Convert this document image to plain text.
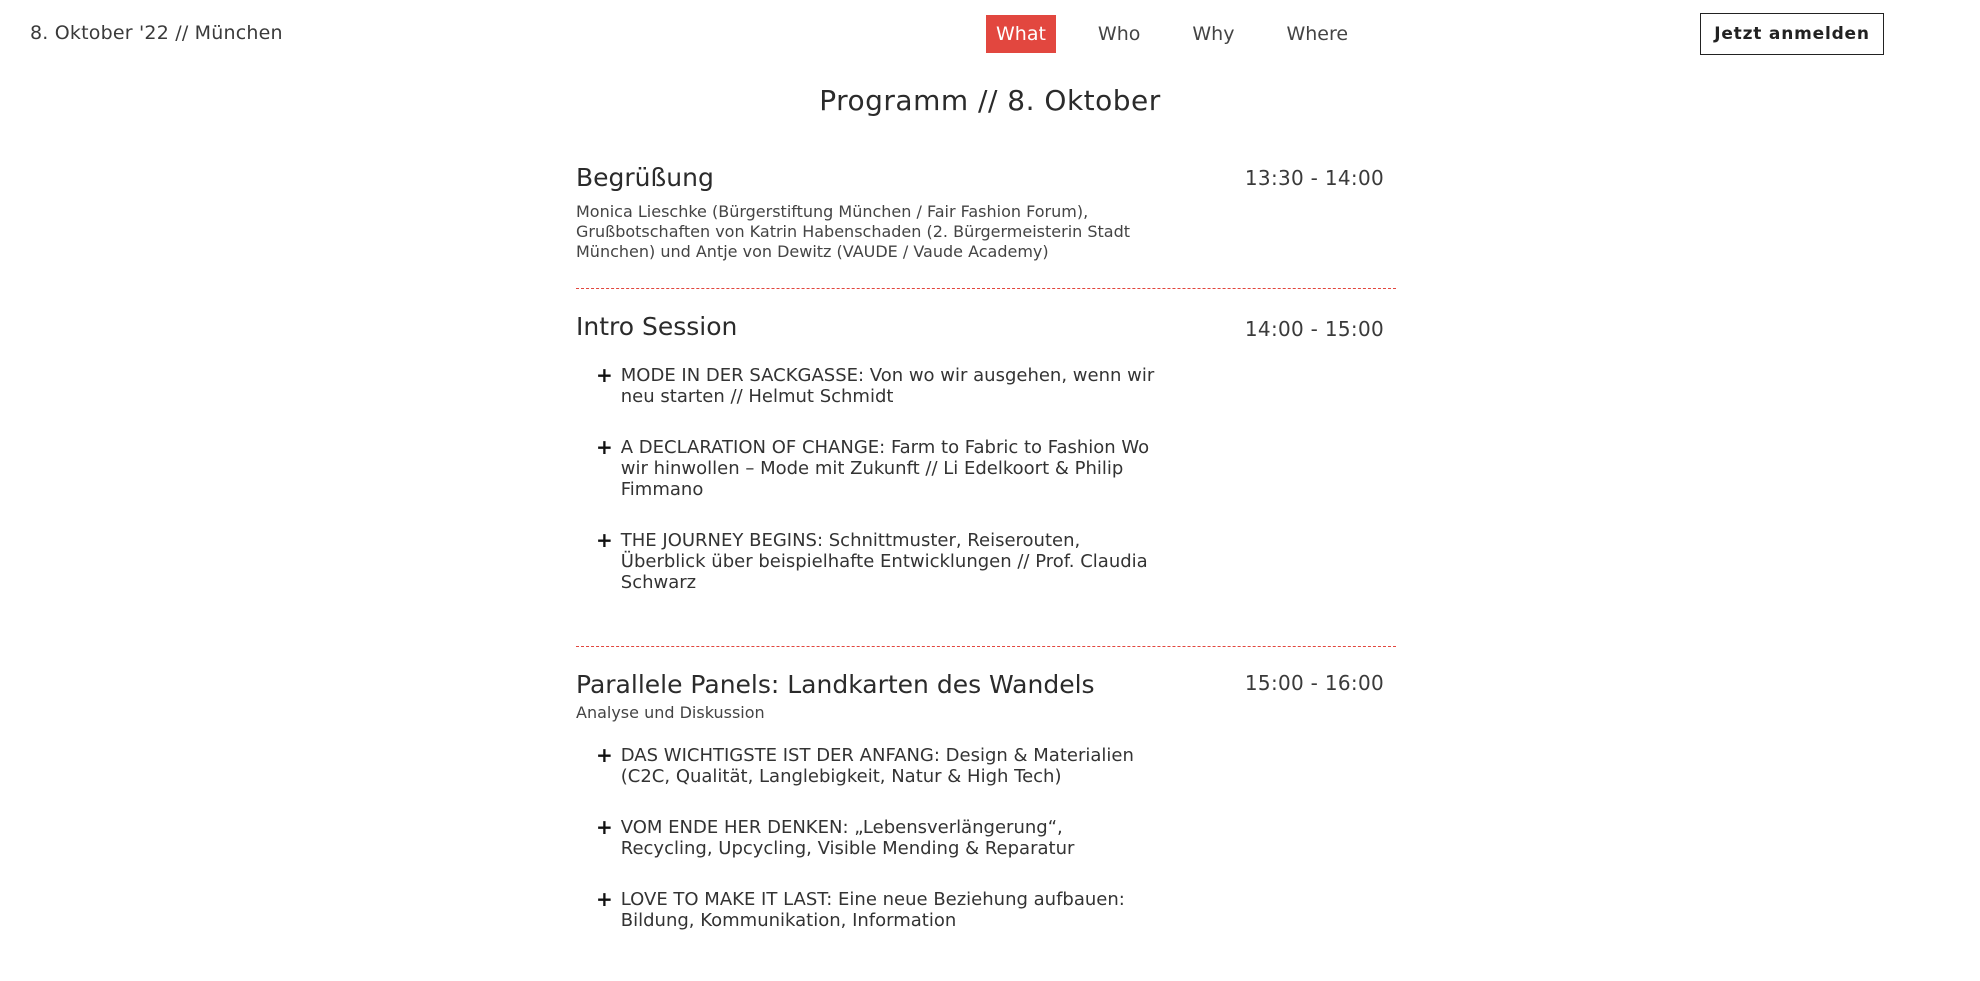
8. Oktober '22 // München	What	Who	Why	Where	Jetzt anmelden
Programm // 8. Oktober
Begrüßung	13:30 - 14:00
Monica Lieschke (Bürgerstiftung München / Fair Fashion Forum), Grußbotschaften von Katrin Habenschaden (2. Bürgermeisterin Stadt München) und Antje von Dewitz (VAUDE / Vaude Academy)
Intro Session	14:00 - 15:00
+ MODE IN DER SACKGASSE: Von wo wir ausgehen, wenn wir neu starten // Helmut Schmidt
+ A DECLARATION OF CHANGE: Farm to Fabric to Fashion Wo wir hinwollen – Mode mit Zukunft // Li Edelkoort & Philip Fimmano
+ THE JOURNEY BEGINS: Schnittmuster, Reiserouten, Überblick über beispielhafte Entwicklungen // Prof. Claudia Schwarz
Parallele Panels: Landkarten des Wandels	15:00 - 16:00
Analyse und Diskussion
+ DAS WICHTIGSTE IST DER ANFANG: Design & Materialien (C2C, Qualität, Langlebigkeit, Natur & High Tech)
+ VOM ENDE HER DENKEN: „Lebensverlängerung“, Recycling, Upcycling, Visible Mending & Reparatur
+ LOVE TO MAKE IT LAST: Eine neue Beziehung aufbauen: Bildung, Kommunikation, Information
